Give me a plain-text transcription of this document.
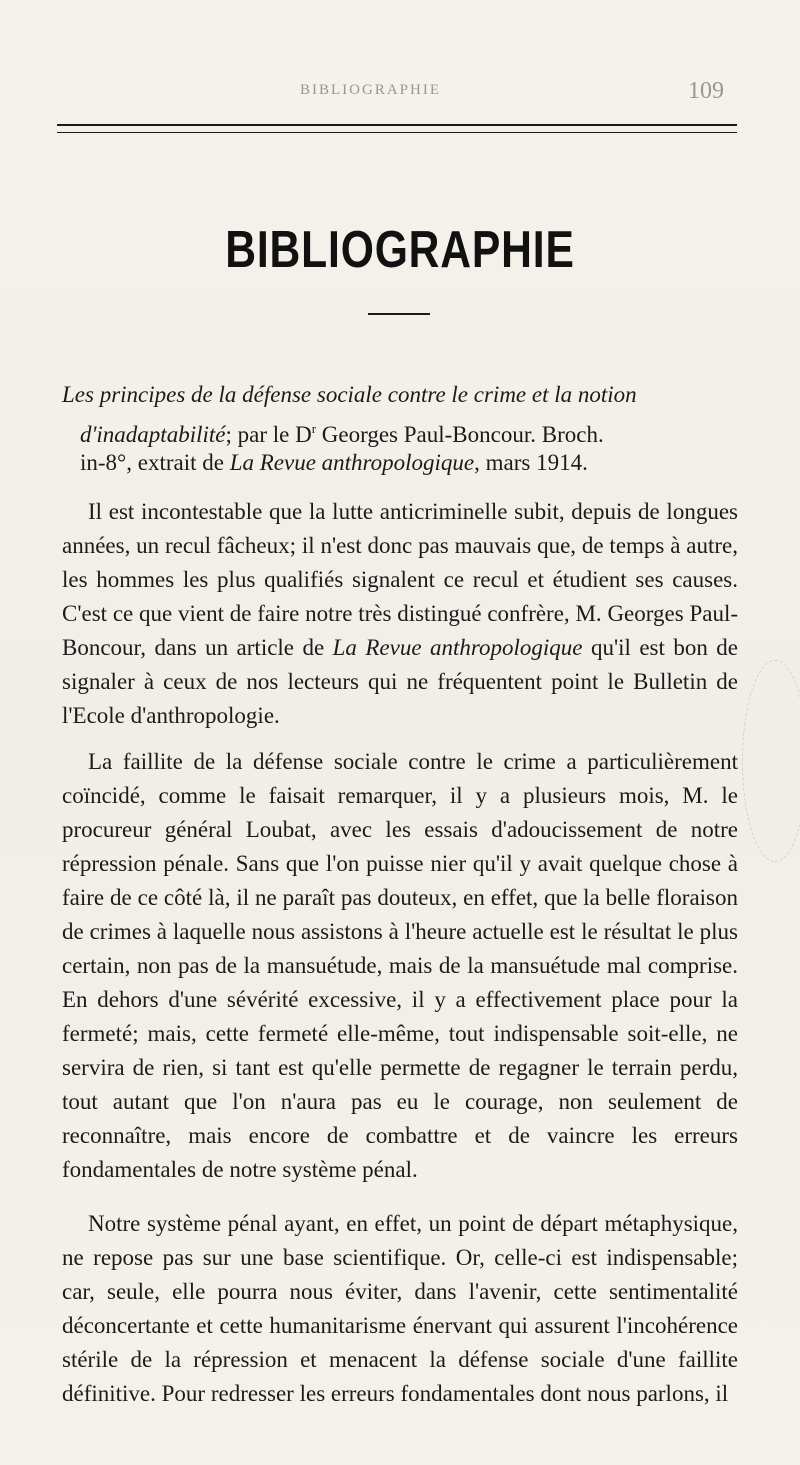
BIBLIOGRAPHIE	109
BIBLIOGRAPHIE
Les principes de la défense sociale contre le crime et la notion
d'inadaptabilité; par le $D^r$ Georges Paul-Boncour. Broch.
in-8°, extrait de La Revue anthropologique, mars 1914.

Il est incontestable que la lutte anticriminelle subit, depuis de longues années, un recul fâcheux; il n'est donc pas mauvais que, de temps à autre, les hommes les plus qualifiés signalent ce recul et étudient ses causes. C'est ce que vient de faire notre très distingué confrère, M. Georges Paul-Boncour, dans un article de La Revue anthropologique qu'il est bon de signaler à ceux de nos lecteurs qui ne fréquentent point le Bulletin de l'Ecole d'anthropologie.

La faillite de la défense sociale contre le crime a particulièrement coïncidé, comme le faisait remarquer, il y a plusieurs mois, M. le procureur général Loubat, avec les essais d'adoucissement de notre répression pénale. Sans que l'on puisse nier qu'il y avait quelque chose à faire de ce côté là, il ne paraît pas douteux, en effet, que la belle floraison de crimes à laquelle nous assistons à l'heure actuelle est le résultat le plus certain, non pas de la mansuétude, mais de la mansuétude mal comprise. En dehors d'une sévérité excessive, il y a effectivement place pour la fermeté; mais, cette fermeté elle-même, tout indispensable soit-elle, ne servira de rien, si tant est qu'elle permette de regagner le terrain perdu, tout autant que l'on n'aura pas eu le courage, non seulement de reconnaître, mais encore de combattre et de vaincre les erreurs fondamentales de notre système pénal.

Notre système pénal ayant, en effet, un point de départ métaphysique, ne repose pas sur une base scientifique. Or, celle-ci est indispensable; car, seule, elle pourra nous éviter, dans l'avenir, cette sentimentalité déconcertante et cette humanitarisme énervant qui assurent l'incohérence stérile de la répression et menacent la défense sociale d'une faillite définitive. Pour redresser les erreurs fondamentales dont nous parlons, il
